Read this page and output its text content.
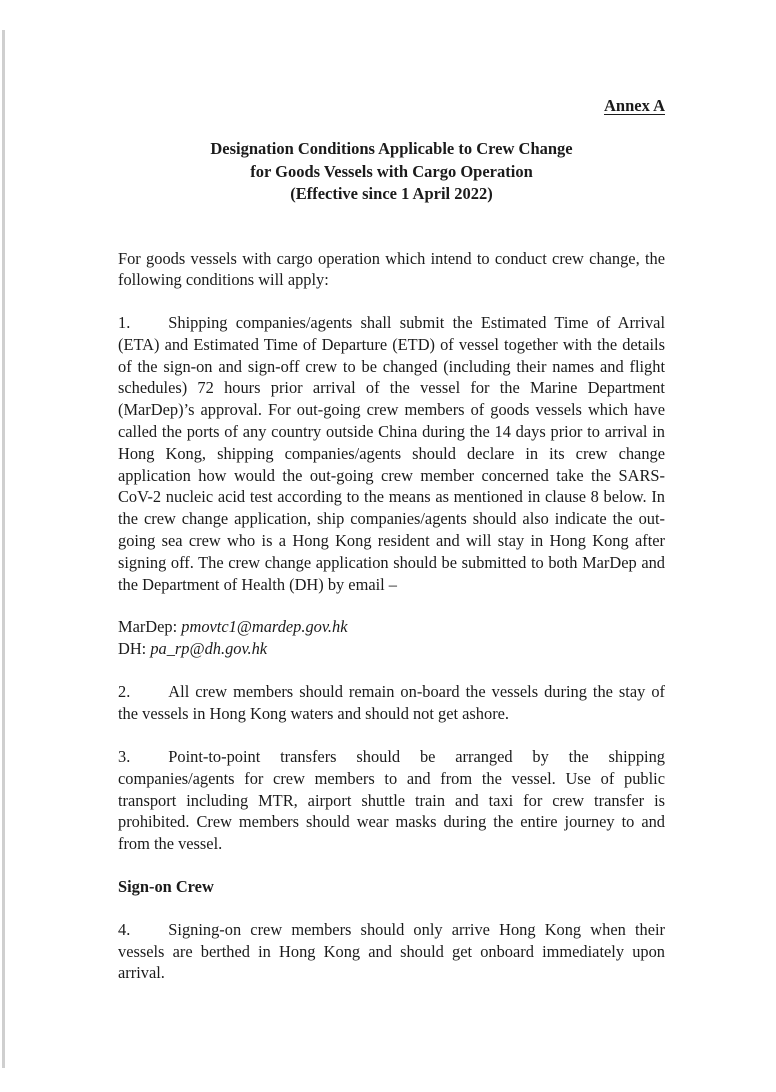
Annex A
Designation Conditions Applicable to Crew Change
for Goods Vessels with Cargo Operation
(Effective since 1 April 2022)

For goods vessels with cargo operation which intend to conduct crew change, the following conditions will apply:

1. Shipping companies/agents shall submit the Estimated Time of Arrival (ETA) and Estimated Time of Departure (ETD) of vessel together with the details of the sign-on and sign-off crew to be changed (including their names and flight schedules) 72 hours prior arrival of the vessel for the Marine Department (MarDep)’s approval. For out-going crew members of goods vessels which have called the ports of any country outside China during the 14 days prior to arrival in Hong Kong, shipping companies/agents should declare in its crew change application how would the out-going crew member concerned take the SARS-CoV-2 nucleic acid test according to the means as mentioned in clause 8 below. In the crew change application, ship companies/agents should also indicate the out-going sea crew who is a Hong Kong resident and will stay in Hong Kong after signing off. The crew change application should be submitted to both MarDep and the Department of Health (DH) by email –

MarDep: pmovtc1@mardep.gov.hk
DH: pa_rp@dh.gov.hk

2. All crew members should remain on-board the vessels during the stay of the vessels in Hong Kong waters and should not get ashore.

3. Point-to-point transfers should be arranged by the shipping companies/agents for crew members to and from the vessel. Use of public transport including MTR, airport shuttle train and taxi for crew transfer is prohibited. Crew members should wear masks during the entire journey to and from the vessel.

Sign-on Crew

4. Signing-on crew members should only arrive Hong Kong when their vessels are berthed in Hong Kong and should get onboard immediately upon arrival.
